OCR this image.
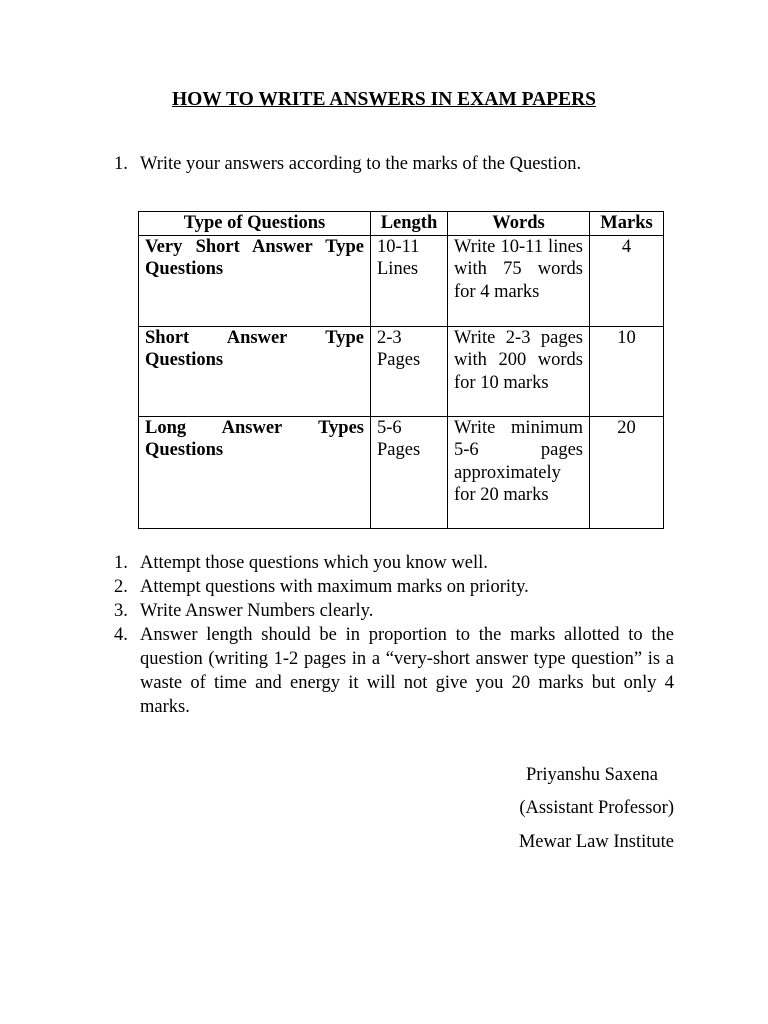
HOW TO WRITE ANSWERS IN EXAM PAPERS
1. Write your answers according to the marks of the Question.
Type of Questions	Length	Words	Marks
Very Short Answer Type Questions	10-11 Lines	Write 10-11 lines with 75 words for 4 marks	4
Short Answer Type Questions	2-3 Pages	Write 2-3 pages with 200 words for 10 marks	10
Long Answer Types Questions	5-6 Pages	Write minimum 5-6 pages approximately for 20 marks	20
1. Attempt those questions which you know well.
2. Attempt questions with maximum marks on priority.
3. Write Answer Numbers clearly.
4. Answer length should be in proportion to the marks allotted to the question (writing 1-2 pages in a “very-short answer type question” is a waste of time and energy it will not give you 20 marks but only 4 marks.
Priyanshu Saxena
(Assistant Professor)
Mewar Law Institute
